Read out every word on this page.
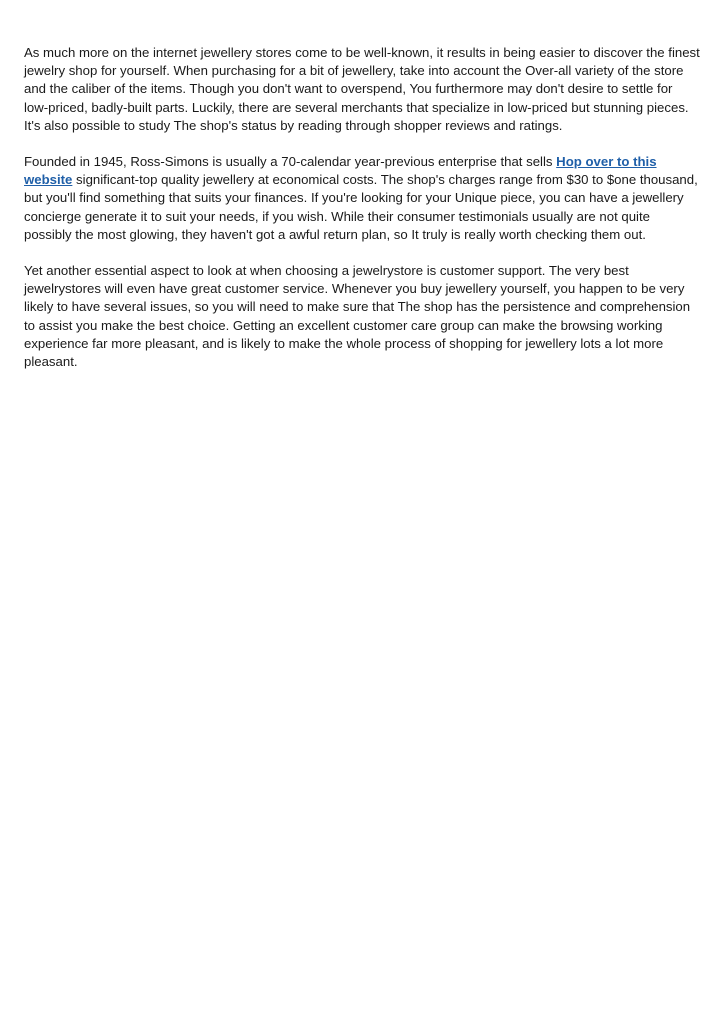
As much more on the internet jewellery stores come to be well-known, it results in being easier to discover the finest jewelry shop for yourself. When purchasing for a bit of jewellery, take into account the Over-all variety of the store and the caliber of the items. Though you don't want to overspend, You furthermore may don't desire to settle for low-priced, badly-built parts. Luckily, there are several merchants that specialize in low-priced but stunning pieces. It's also possible to study The shop's status by reading through shopper reviews and ratings.

Founded in 1945, Ross-Simons is usually a 70-calendar year-previous enterprise that sells Hop over to this website significant-top quality jewellery at economical costs. The shop's charges range from $30 to $one thousand, but you'll find something that suits your finances. If you're looking for your Unique piece, you can have a jewellery concierge generate it to suit your needs, if you wish. While their consumer testimonials usually are not quite possibly the most glowing, they haven't got a awful return plan, so It truly is really worth checking them out.

Yet another essential aspect to look at when choosing a jewelrystore is customer support. The very best jewelrystores will even have great customer service. Whenever you buy jewellery yourself, you happen to be very likely to have several issues, so you will need to make sure that The shop has the persistence and comprehension to assist you make the best choice. Getting an excellent customer care group can make the browsing working experience far more pleasant, and is likely to make the whole process of shopping for jewellery lots a lot more pleasant.
